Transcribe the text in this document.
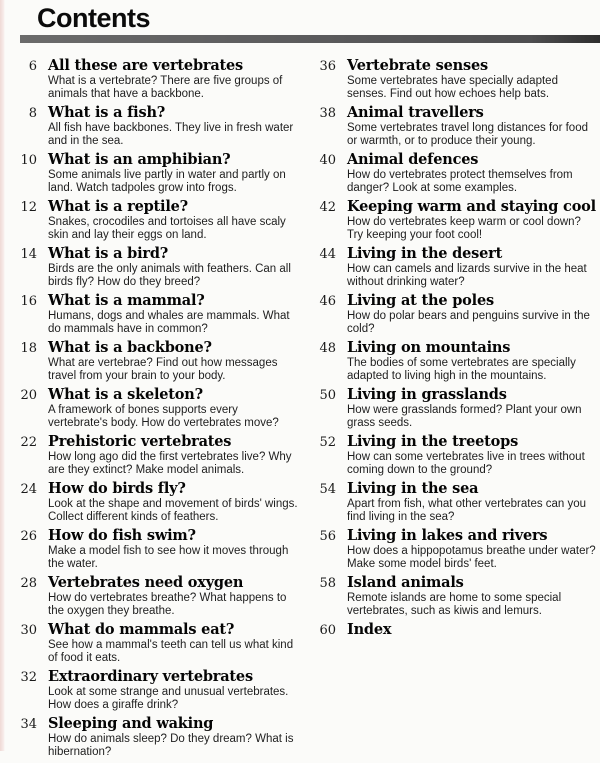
Contents
6 All these are vertebrates
What is a vertebrate? There are five groups of animals that have a backbone.
8 What is a fish?
All fish have backbones. They live in fresh water and in the sea.
10 What is an amphibian?
Some animals live partly in water and partly on land. Watch tadpoles grow into frogs.
12 What is a reptile?
Snakes, crocodiles and tortoises all have scaly skin and lay their eggs on land.
14 What is a bird?
Birds are the only animals with feathers. Can all birds fly? How do they breed?
16 What is a mammal?
Humans, dogs and whales are mammals. What do mammals have in common?
18 What is a backbone?
What are vertebrae? Find out how messages travel from your brain to your body.
20 What is a skeleton?
A framework of bones supports every vertebrate's body. How do vertebrates move?
22 Prehistoric vertebrates
How long ago did the first vertebrates live? Why are they extinct? Make model animals.
24 How do birds fly?
Look at the shape and movement of birds' wings. Collect different kinds of feathers.
26 How do fish swim?
Make a model fish to see how it moves through the water.
28 Vertebrates need oxygen
How do vertebrates breathe? What happens to the oxygen they breathe.
30 What do mammals eat?
See how a mammal's teeth can tell us what kind of food it eats.
32 Extraordinary vertebrates
Look at some strange and unusual vertebrates. How does a giraffe drink?
34 Sleeping and waking
How do animals sleep? Do they dream? What is hibernation?
36 Vertebrate senses
Some vertebrates have specially adapted senses. Find out how echoes help bats.
38 Animal travellers
Some vertebrates travel long distances for food or warmth, or to produce their young.
40 Animal defences
How do vertebrates protect themselves from danger? Look at some examples.
42 Keeping warm and staying cool
How do vertebrates keep warm or cool down? Try keeping your foot cool!
44 Living in the desert
How can camels and lizards survive in the heat without drinking water?
46 Living at the poles
How do polar bears and penguins survive in the cold?
48 Living on mountains
The bodies of some vertebrates are specially adapted to living high in the mountains.
50 Living in grasslands
How were grasslands formed? Plant your own grass seeds.
52 Living in the treetops
How can some vertebrates live in trees without coming down to the ground?
54 Living in the sea
Apart from fish, what other vertebrates can you find living in the sea?
56 Living in lakes and rivers
How does a hippopotamus breathe under water? Make some model birds' feet.
58 Island animals
Remote islands are home to some special vertebrates, such as kiwis and lemurs.
60 Index
